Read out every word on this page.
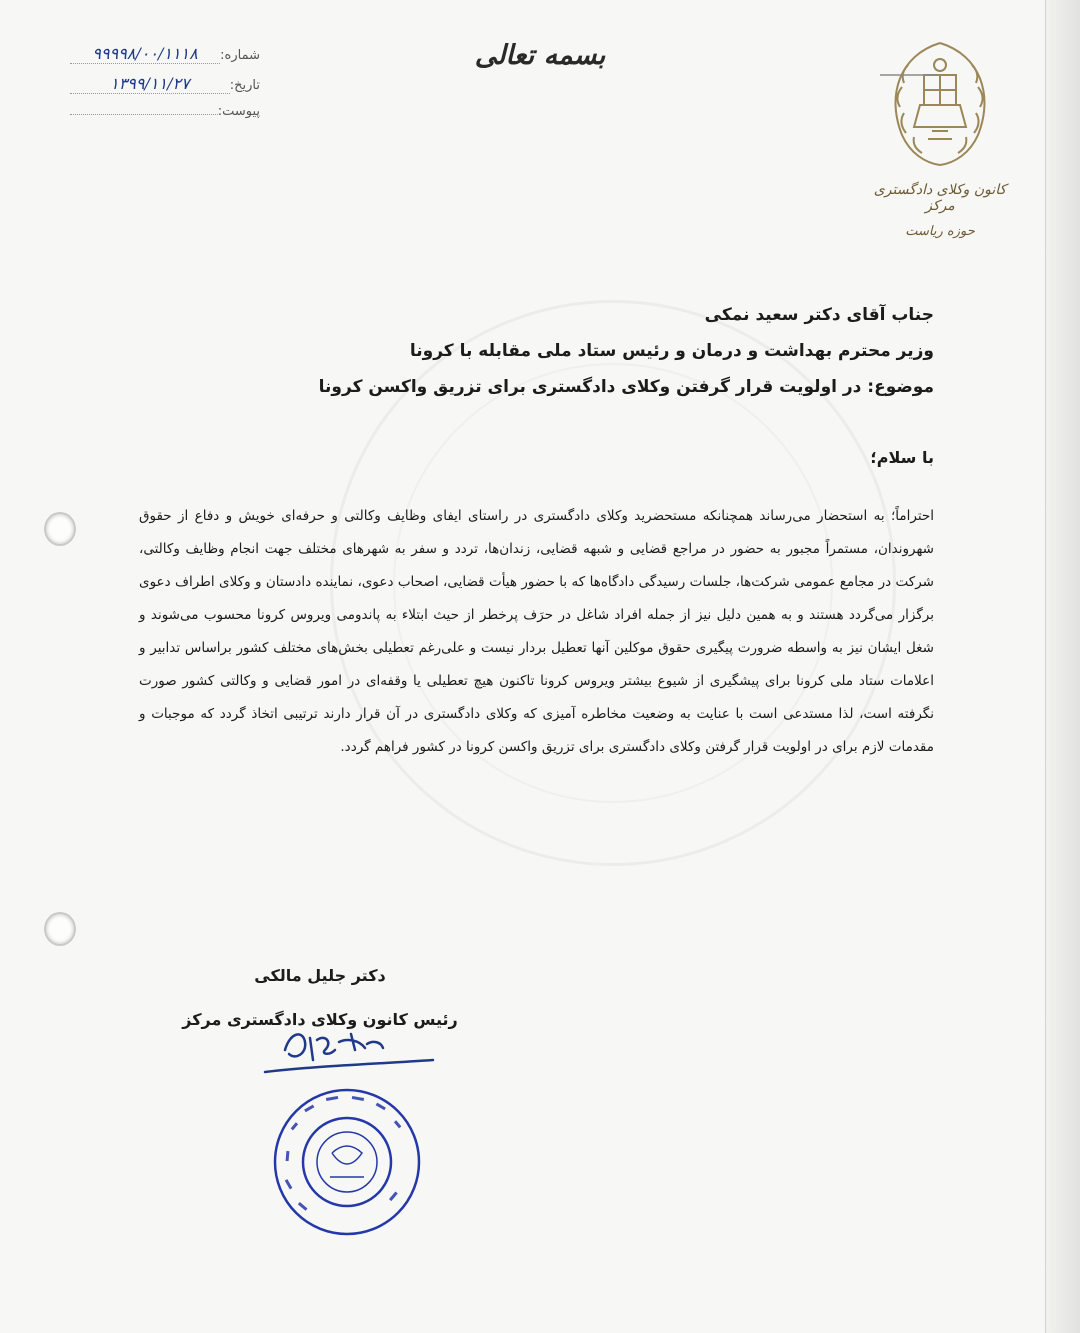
بسمه تعالی
شماره:
۹۹۹۹۸/۰۰/۱۱۱۸
تاریخ:
۱۳۹۹/۱۱/۲۷
پیوست:
کانون وکلای دادگستری مرکز
حوزه ریاست
جناب آقای دکتر سعید نمکی
وزیر محترم بهداشت و درمان و رئیس ستاد ملی مقابله با کرونا
موضوع: در اولویت قرار گرفتن وکلای دادگستری برای تزریق واکسن کرونا
با سلام؛
احتراماً؛ به استحضار می‌رساند همچنانکه مستحضرید وکلای دادگستری در راستای ایفای وظایف وکالتی و حرفه‌ای خویش و دفاع از حقوق شهروندان، مستمراً مجبور به حضور در مراجع قضایی و شبهه قضایی، زندان‌ها، تردد و سفر به شهرهای مختلف جهت انجام وظایف وکالتی، شرکت در مجامع عمومی شرکت‌ها، جلسات رسیدگی دادگاه‌ها که با حضور هیأت قضایی، اصحاب دعوی، نماینده دادستان و وکلای اطراف دعوی برگزار می‌گردد هستند و به همین دلیل نیز از جمله افراد شاغل در حرَف پرخطر از حیث ابتلاء به پاندومی ویروس کرونا محسوب می‌شوند و شغل ایشان نیز به واسطه ضرورت پیگیری حقوق موکلین آنها تعطیل بردار نیست و علی‌رغم تعطیلی بخش‌های مختلف کشور براساس تدابیر و اعلامات ستاد ملی کرونا برای پیشگیری از شیوع بیشتر ویروس کرونا تاکنون هیچ تعطیلی یا وقفه‌ای در امور قضایی و وکالتی کشور صورت نگرفته است، لذا مستدعی است با عنایت به وضعیت مخاطره آمیزی که وکلای دادگستری در آن قرار دارند ترتیبی اتخاذ گردد که موجبات و مقدمات لازم برای در اولویت قرار گرفتن وکلای دادگستری برای تزریق واکسن کرونا در کشور فراهم گردد.
دکتر جلیل مالکی
رئیس کانون وکلای دادگستری مرکز
